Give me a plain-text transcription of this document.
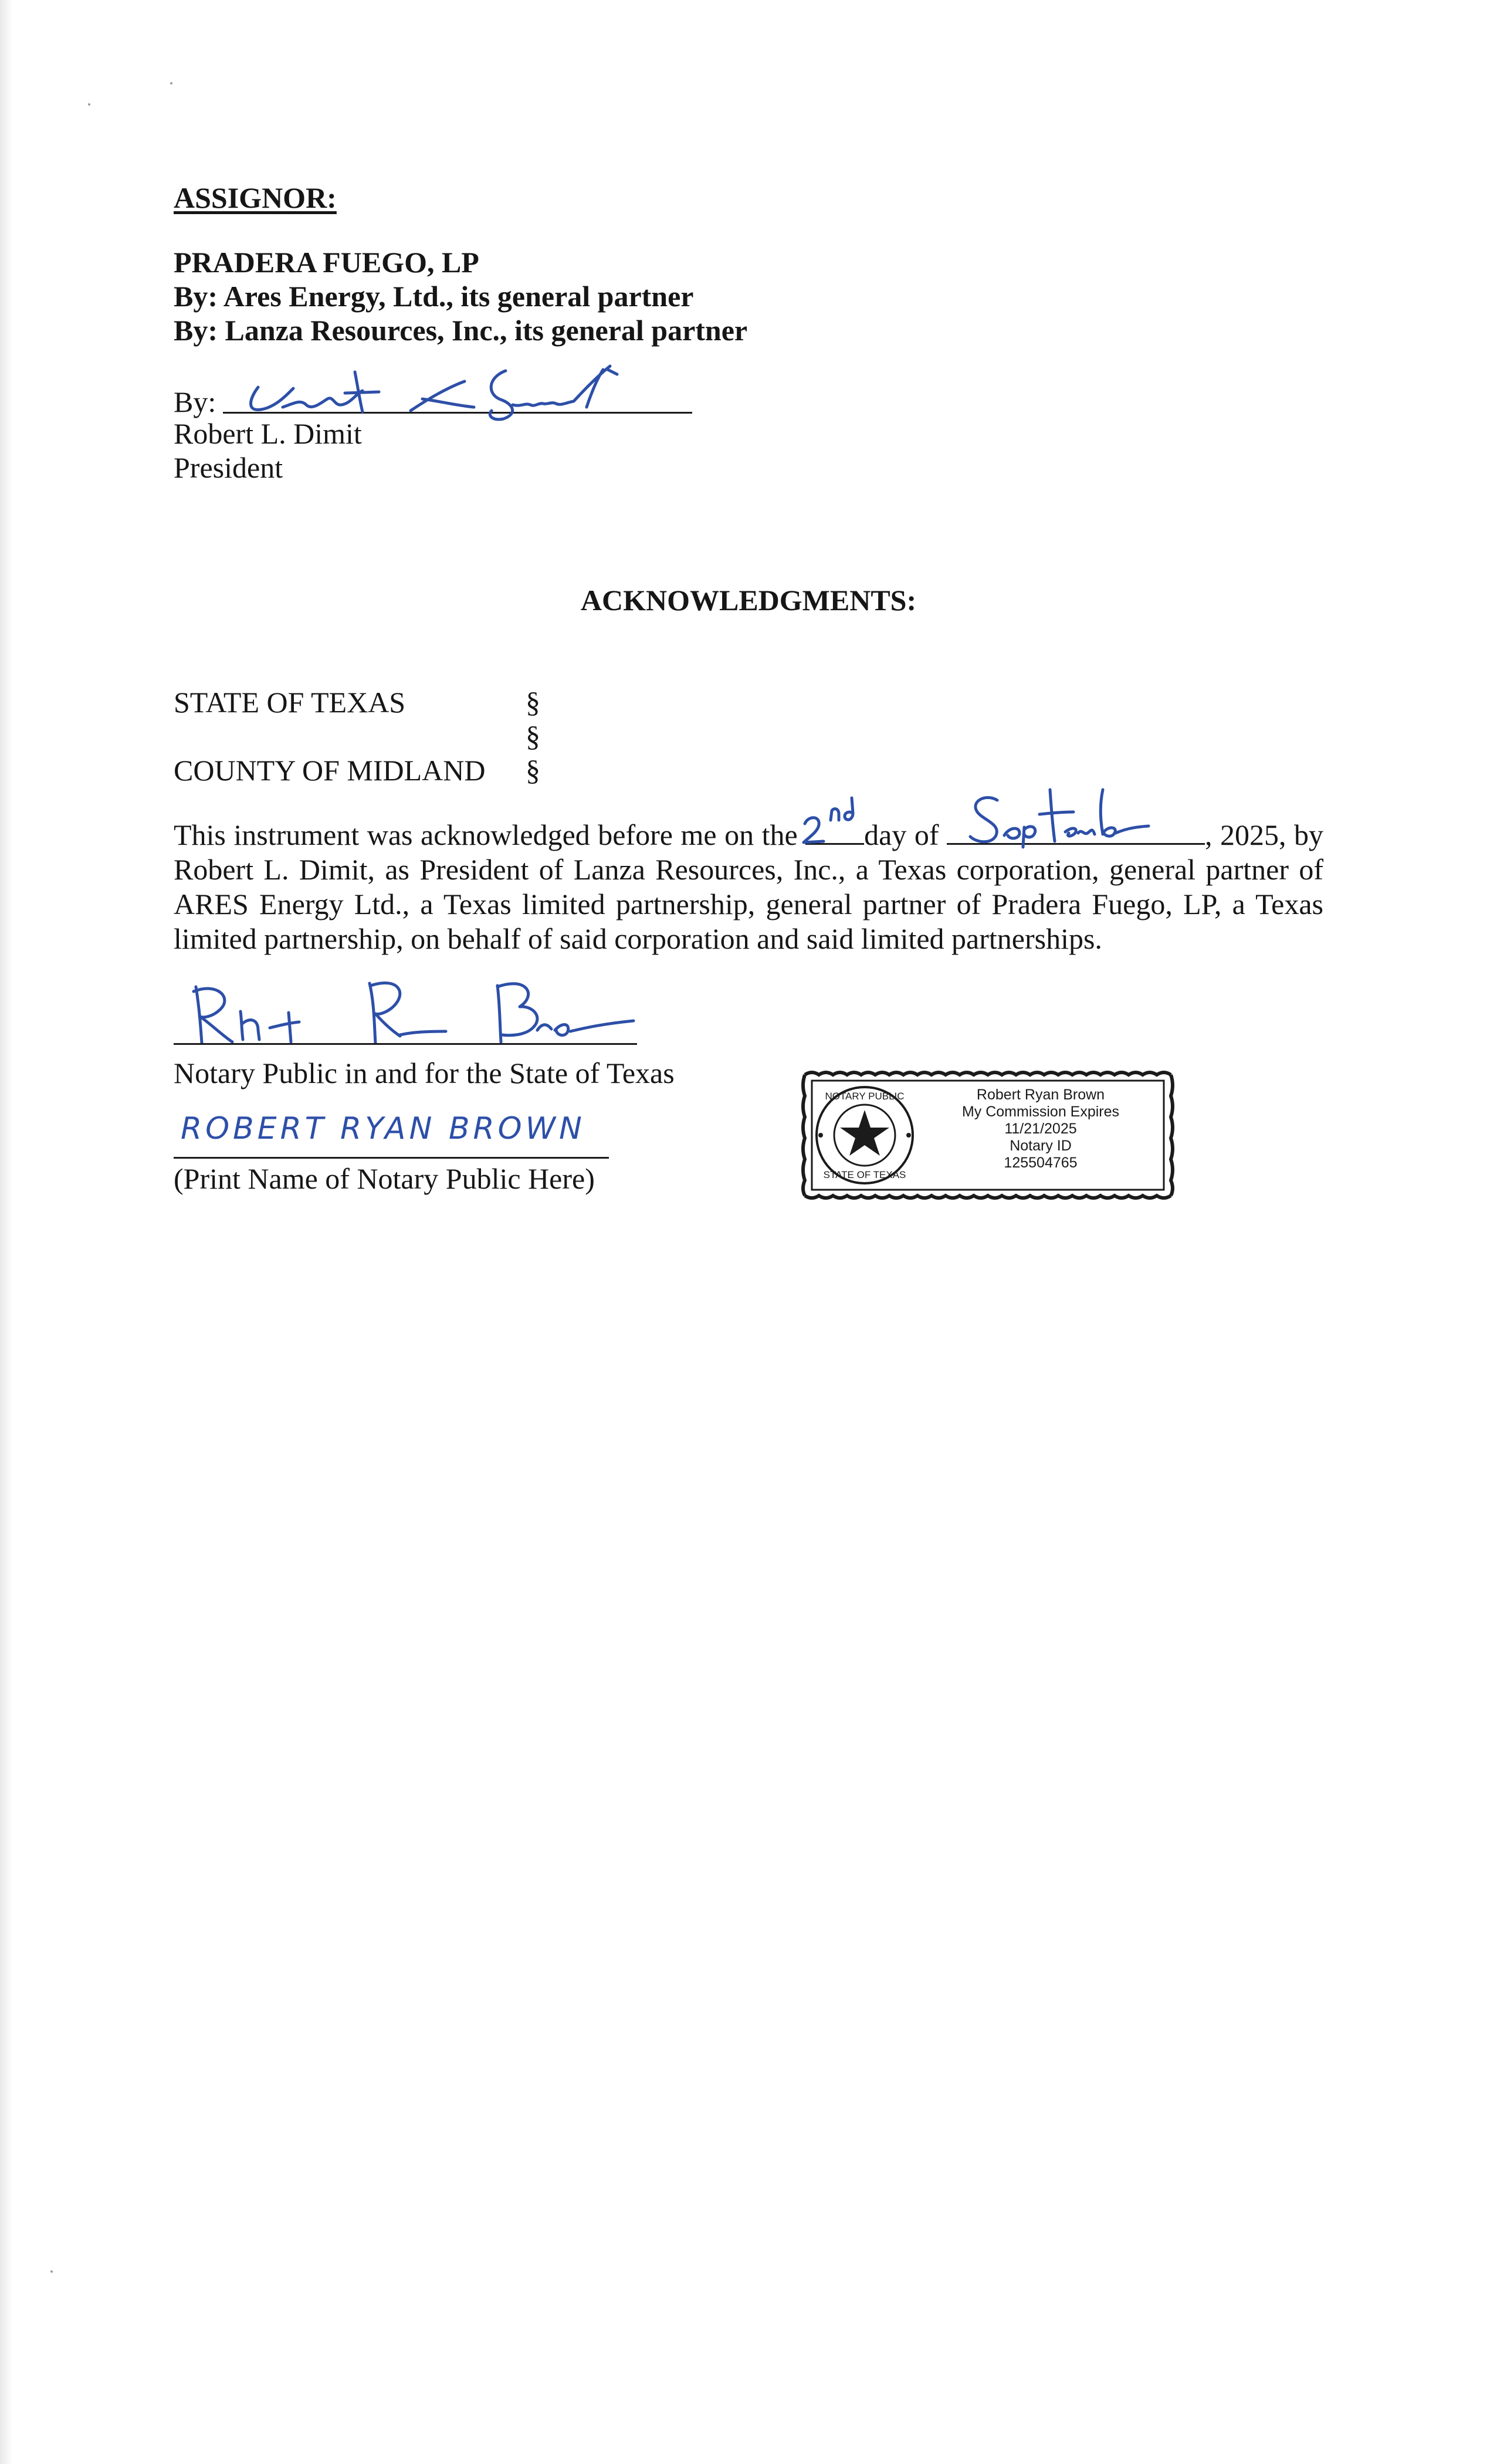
ASSIGNOR:
PRADERA FUEGO, LP
By: Ares Energy, Ltd., its general partner
By: Lanza Resources, Inc., its general partner
By:
Robert L. Dimit
President
ACKNOWLEDGMENTS:
STATE OF TEXAS	§
§
COUNTY OF MIDLAND §
This instrument was acknowledged before me on the day of	, 2025, by
Robert L. Dimit, as President of Lanza Resources, Inc., a Texas corporation, general partner of
ARES Energy Ltd., a Texas limited partnership, general partner of Pradera Fuego, LP, a Texas
limited partnership, on behalf of said corporation and said limited partnerships.
Notary Public in and for the State of Texas
ROBERT RYAN BROWN
(Print Name of Notary Public Here)
NOTARY PUBLIC
STATE OF TEXAS
Robert Ryan Brown
My Commission Expires
11/21/2025
Notary ID
125504765
